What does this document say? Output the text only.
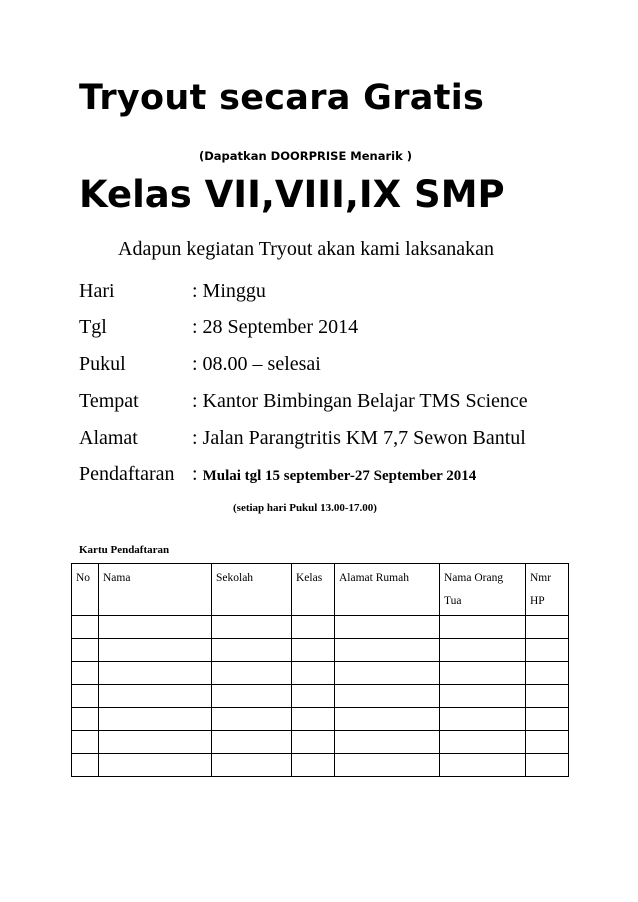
Tryout secara Gratis
(Dapatkan DOORPRISE Menarik )
Kelas VII,VIII,IX SMP
Adapun kegiatan Tryout akan kami laksanakan
Hari	: Minggu
Tgl	: 28 September 2014
Pukul	: 08.00 – selesai
Tempat	: Kantor Bimbingan Belajar TMS Science
Alamat	: Jalan Parangtritis KM 7,7 Sewon Bantul
Pendaftaran : Mulai tgl 15 september-27 September 2014
(setiap hari Pukul 13.00-17.00)
Kartu Pendaftaran
No	Nama	Sekolah	Kelas	Alamat Rumah	Nama Orang Tua	Nmr HP
